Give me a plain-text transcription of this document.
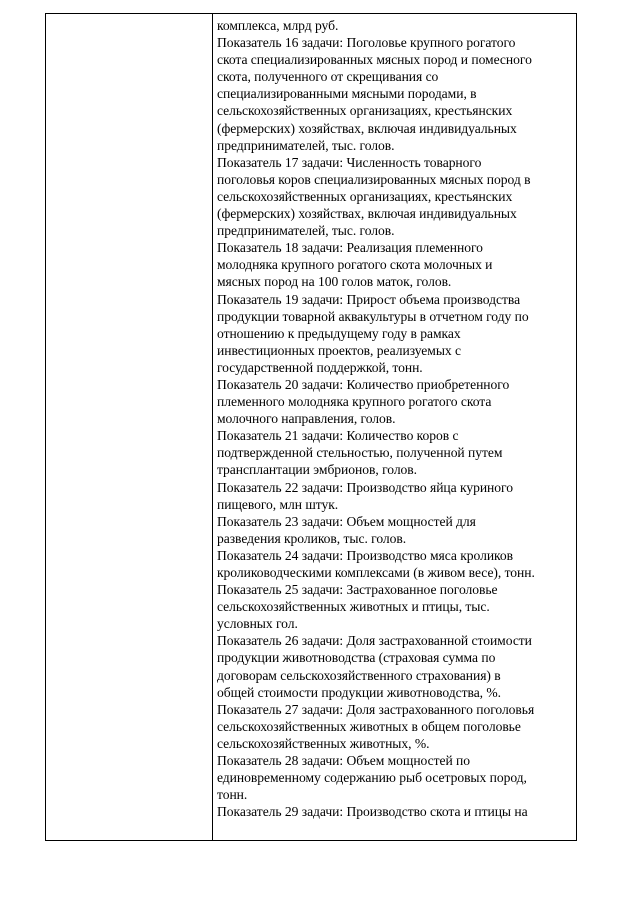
комплекса, млрд руб.
Показатель 16 задачи: Поголовье крупного рогатого
скота специализированных мясных пород и помесного
скота, полученного от скрещивания со
специализированными мясными породами, в
сельскохозяйственных организациях, крестьянских
(фермерских) хозяйствах, включая индивидуальных
предпринимателей, тыс. голов.
Показатель 17 задачи: Численность товарного
поголовья коров специализированных мясных пород в
сельскохозяйственных организациях, крестьянских
(фермерских) хозяйствах, включая индивидуальных
предпринимателей, тыс. голов.
Показатель 18 задачи: Реализация племенного
молодняка крупного рогатого скота молочных и
мясных пород на 100 голов маток, голов.
Показатель 19 задачи: Прирост объема производства
продукции товарной аквакультуры в отчетном году по
отношению к предыдущему году в рамках
инвестиционных проектов, реализуемых с
государственной поддержкой, тонн.
Показатель 20 задачи: Количество приобретенного
племенного молодняка крупного рогатого скота
молочного направления, голов.
Показатель 21 задачи: Количество коров с
подтвержденной стельностью, полученной путем
трансплантации эмбрионов, голов.
Показатель 22 задачи: Производство яйца куриного
пищевого, млн штук.
Показатель 23 задачи: Объем мощностей для
разведения кроликов, тыс. голов.
Показатель 24 задачи: Производство мяса кроликов
кролиководческими комплексами (в живом весе), тонн.
Показатель 25 задачи: Застрахованное поголовье
сельскохозяйственных животных и птицы, тыс.
условных гол.
Показатель 26 задачи: Доля застрахованной стоимости
продукции животноводства (страховая сумма по
договорам сельскохозяйственного страхования) в
общей стоимости продукции животноводства, %.
Показатель 27 задачи: Доля застрахованного поголовья
сельскохозяйственных животных в общем поголовье
сельскохозяйственных животных, %.
Показатель 28 задачи: Объем мощностей по
единовременному содержанию рыб осетровых пород,
тонн.
Показатель 29 задачи: Производство скота и птицы на
